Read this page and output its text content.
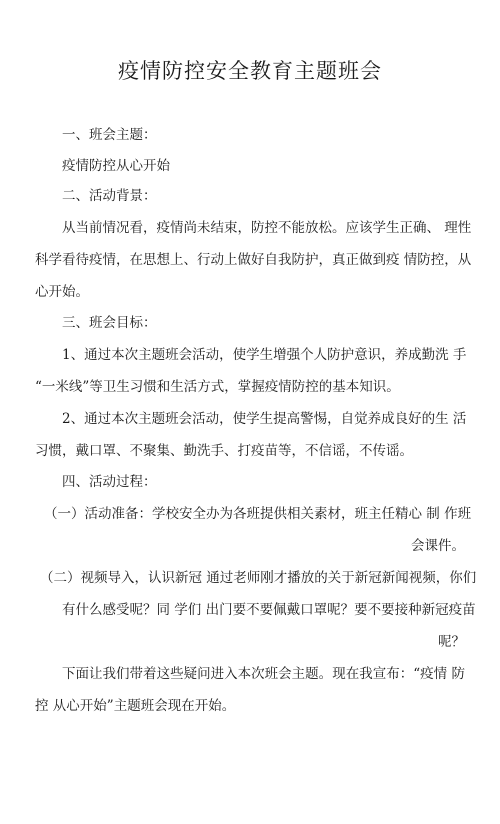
疫情防控安全教育主题班会
一、班会主题：
疫情防控从心开始
二、活动背景：
从当前情况看，疫情尚未结束，防控不能放松。应该学生正确、 理性
科学看待疫情，在思想上、行动上做好自我防护，真正做到疫 情防控，从
心开始。
三、班会目标：
1、通过本次主题班会活动，使学生增强个人防护意识，养成勤洗 手
“一米线”等卫生习惯和生活方式，掌握疫情防控的基本知识。
2、通过本次主题班会活动，使学生提高警惕，自觉养成良好的生 活
习惯，戴口罩、不聚集、勤洗手、打疫苗等，不信谣，不传谣。
四、活动过程：
（一）活动准备：学校安全办为各班提供相关素材，班主任精心 制 作班
会课件。
（二）视频导入，认识新冠 通过老师刚才播放的关于新冠新闻视频，你们
有什么感受呢？同 学们 出门要不要佩戴口罩呢？要不要接种新冠疫苗
呢？
下面让我们带着这些疑问进入本次班会主题。现在我宣布：“疫情 防
控 从心开始”主题班会现在开始。
